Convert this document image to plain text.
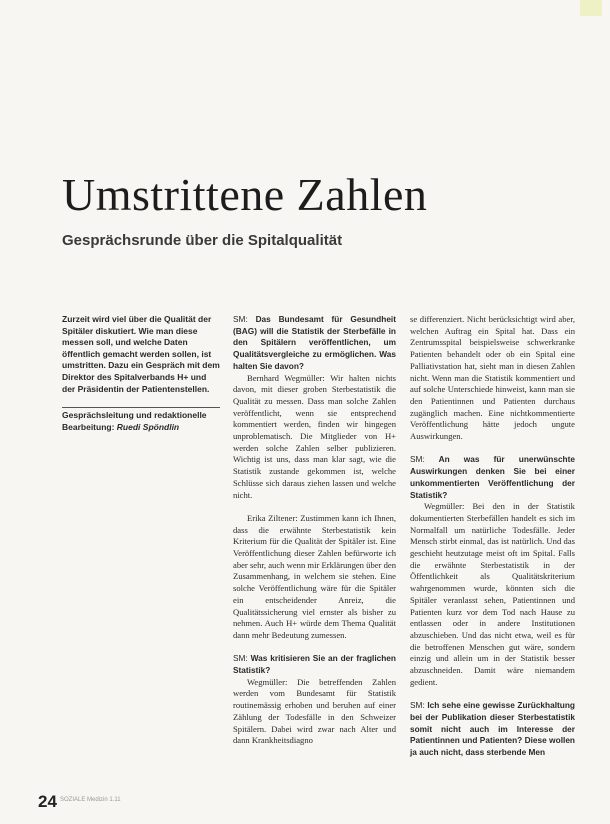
Umstrittene Zahlen
Gesprächsrunde über die Spitalqualität

Zurzeit wird viel über die Qualität der Spitäler diskutiert. Wie man diese messen soll, und welche Daten öffentlich gemacht werden sollen, ist umstritten. Dazu ein Gespräch mit dem Direktor des Spitalverbands H+ und der Präsidentin der Patientenstellen.

Gesprächsleitung und redaktionelle Bearbeitung: Ruedi Spöndlin

SM: Das Bundesamt für Gesundheit (BAG) will die Statistik der Sterbefälle in den Spitälern veröffentlichen, um Qualitätsvergleiche zu ermöglichen. Was halten Sie davon?

Bernhard Wegmüller: Wir halten nichts davon, mit dieser groben Sterbestatistik die Qualität zu messen. Dass man solche Zahlen veröffentlicht, wenn sie entsprechend kommentiert werden, finden wir hingegen unproblematisch. Die Mitglieder von H+ werden solche Zahlen selber publizieren. Wichtig ist uns, dass man klar sagt, wie die Statistik zustande gekommen ist, welche Schlüsse sich daraus ziehen lassen und welche nicht.

Erika Ziltener: Zustimmen kann ich Ihnen, dass die erwähnte Sterbestatistik kein Kriterium für die Qualität der Spitäler ist. Eine Veröffentlichung dieser Zahlen befürworte ich aber sehr, auch wenn mir Erklärungen über den Zusammenhang, in welchem sie stehen. Eine solche Veröffentlichung wäre für die Spitäler ein entscheidender Anreiz, die Qualitätssicherung viel ernster als bisher zu nehmen. Auch H+ würde dem Thema Qualität dann mehr Bedeutung zumessen.

SM: Was kritisieren Sie an der fraglichen Statistik?

Wegmüller: Die betreffenden Zahlen werden vom Bundesamt für Statistik routinemässig erhoben und beruhen auf einer Zählung der Todesfälle in den Schweizer Spitälern. Dabei wird zwar nach Alter und dann Krankheitsdiagno

se differenziert. Nicht berücksichtigt wird aber, welchen Auftrag ein Spital hat. Dass ein Zentrumsspital beispielsweise schwerkranke Patienten behandelt oder ob ein Spital eine Palliativstation hat, sieht man in diesen Zahlen nicht. Wenn man die Statistik kommentiert und auf solche Unterschiede hinweist, kann man sie den Patientinnen und Patienten durchaus zugänglich machen. Eine nichtkommentierte Veröffentlichung hätte jedoch ungute Auswirkungen.

SM: An was für unerwünschte Auswirkungen denken Sie bei einer unkommentierten Veröffentlichung der Statistik?

Wegmüller: Bei den in der Statistik dokumentierten Sterbefällen handelt es sich im Normalfall um natürliche Todesfälle. Jeder Mensch stirbt einmal, das ist natürlich. Und das geschieht heutzutage meist oft im Spital. Falls die erwähnte Sterbestatistik in der Öffentlichkeit als Qualitätskriterium wahrgenommen wurde, könnten sich die Spitäler veranlasst sehen, Patientinnen und Patienten kurz vor dem Tod nach Hause zu entlassen oder in andere Institutionen abzuschieben. Und das nicht etwa, weil es für die betroffenen Menschen gut wäre, sondern einzig und allein um in der Statistik besser abzuschneiden. Damit wäre niemandem gedient.

SM: Ich sehe eine gewisse Zurückhaltung bei der Publikation dieser Sterbestatistik somit nicht auch im Interesse der Patientinnen und Patienten? Diese wollen ja auch nicht, dass sterbende Men

24 SOZIALE Medizin 1.11
